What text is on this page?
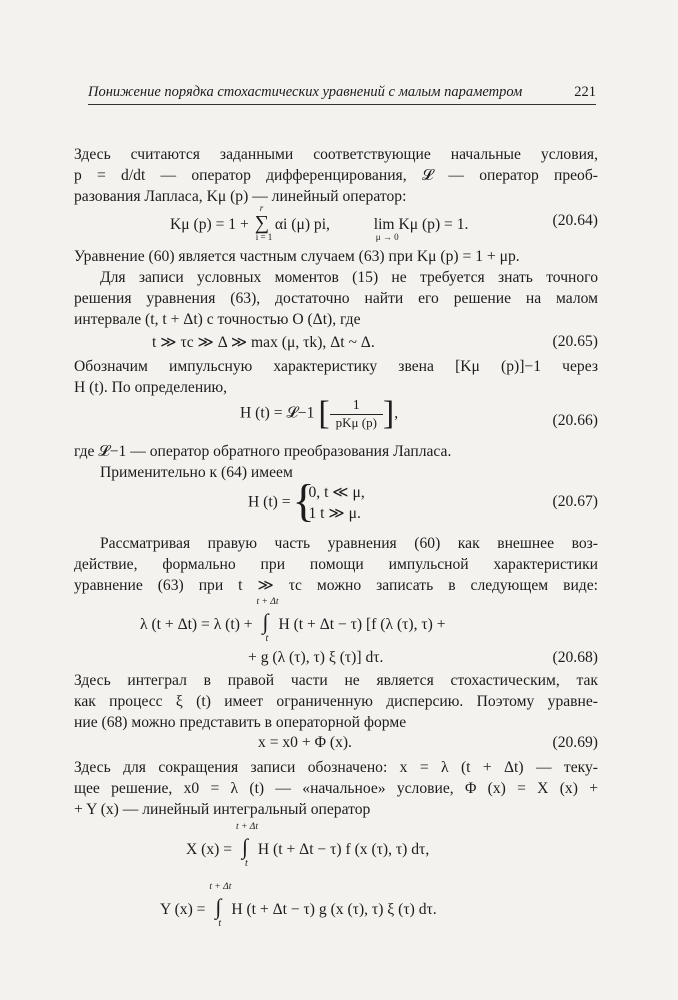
Понижение порядка стохастических уравнений с малым параметром	221
Здесь считаются заданными соответствующие начальные условия,
p = d/dt — оператор дифференцирования, 𝓛 — оператор преоб-
разования Лапласа, Kμ (p) — линейный оператор:
Kμ (p) = 1 + ∑
r
i = 1
αi (μ) pi,	lim
μ → 0
Kμ (p) = 1.	(20.64)
Уравнение (60) является частным случаем (63) при Kμ (p) = 1 + μp.
Для записи условных моментов (15) не требуется знать точного
решения уравнения (63), достаточно найти его решение на малом
интервале (t, t + Δt) с точностью O (Δt), где
t ≫ τc ≫ Δ ≫ max (μ, τk), Δt ~ Δ.	(20.65)
Обозначим импульсную характеристику звена [Kμ (p)]−1 через
H (t). По определению,
H (t) = 𝓛−1 [ $\frac{1}{\text{pKμ (p)}}$ ],	(20.66)
где 𝓛−1 — оператор обратного преобразования Лапласа.
Применительно к (64) имеем
H (t) = {
0, t ≪ μ,
1 t ≫ μ.
(20.67)
Рассматривая правую часть уравнения (60) как внешнее воз-
действие, формально при помощи импульсной характеристики
уравнение (63) при t ≫ τc можно записать в следующем виде:
λ (t + Δt) = λ (t) + ∫
t + Δt
t
H (t + Δt − τ) [f (λ (τ), τ) +
+ g (λ (τ), τ) ξ (τ)] dτ.	(20.68)
Здесь интеграл в правой части не является стохастическим, так
как процесс ξ (t) имеет ограниченную дисперсию. Поэтому уравне-
ние (68) можно представить в операторной форме
x = x0 + Φ (x).	(20.69)
Здесь для сокращения записи обозначено: x = λ (t + Δt) — теку-
щее решение, x0 = λ (t) — «начальное» условие, Φ (x) = X (x) +
+ Y (x) — линейный интегральный оператор
X (x) = ∫
t + Δt
t
H (t + Δt − τ) f (x (τ), τ) dτ,
Y (x) = ∫
t + Δt
t
H (t + Δt − τ) g (x (τ), τ) ξ (τ) dτ.
